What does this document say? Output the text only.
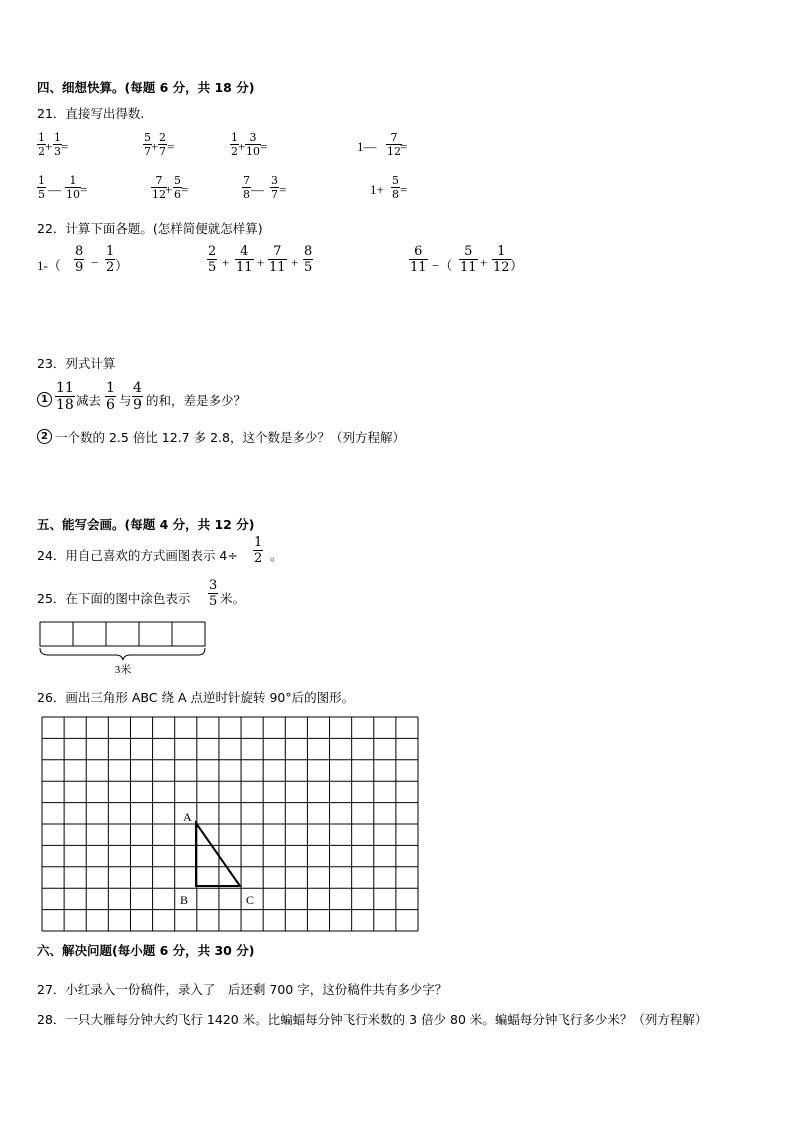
四、细想快算。(每题 6 分，共 18 分)
21．直接写出得数.
1
2 +
1
3 =
5
7 +
2
7 =
1
2 +
3
10 =	1—
7
12 =
1
5 —
1
10 =
7
12 +
5
6 =
7
8 —
3
7 =	1+
5
8 =
22．计算下面各题。(怎样简便就怎样算)
1-（
8
9 −
1
2 ）
2
5 +
4
11 +
7
11 +
8
5
6
11 −（
5
11 +
1
12 ）
23．列式计算
1
11
18 减去
1
6 与
4
9 的和，差是多少？
2 一个数的 2.5 倍比 12.7 多 2.8，这个数是多少？（列方程解）
五、能写会画。(每题 4 分，共 12 分)
24．用自己喜欢的方式画图表示 4÷
1
2 。
25．在下面的图中涂色表示
3
5 米。
3米
26．画出三角形 ABC 绕 A 点逆时针旋转 90°后的图形。
A
B	C
六、解决问题(每小题 6 分，共 30 分)
27．小红录入一份稿件，录入了　后还剩 700 字，这份稿件共有多少字？
28．一只大雁每分钟大约飞行 1420 米。比蝙蝠每分钟飞行米数的 3 倍少 80 米。蝙蝠每分钟飞行多少米？（列方程解）
